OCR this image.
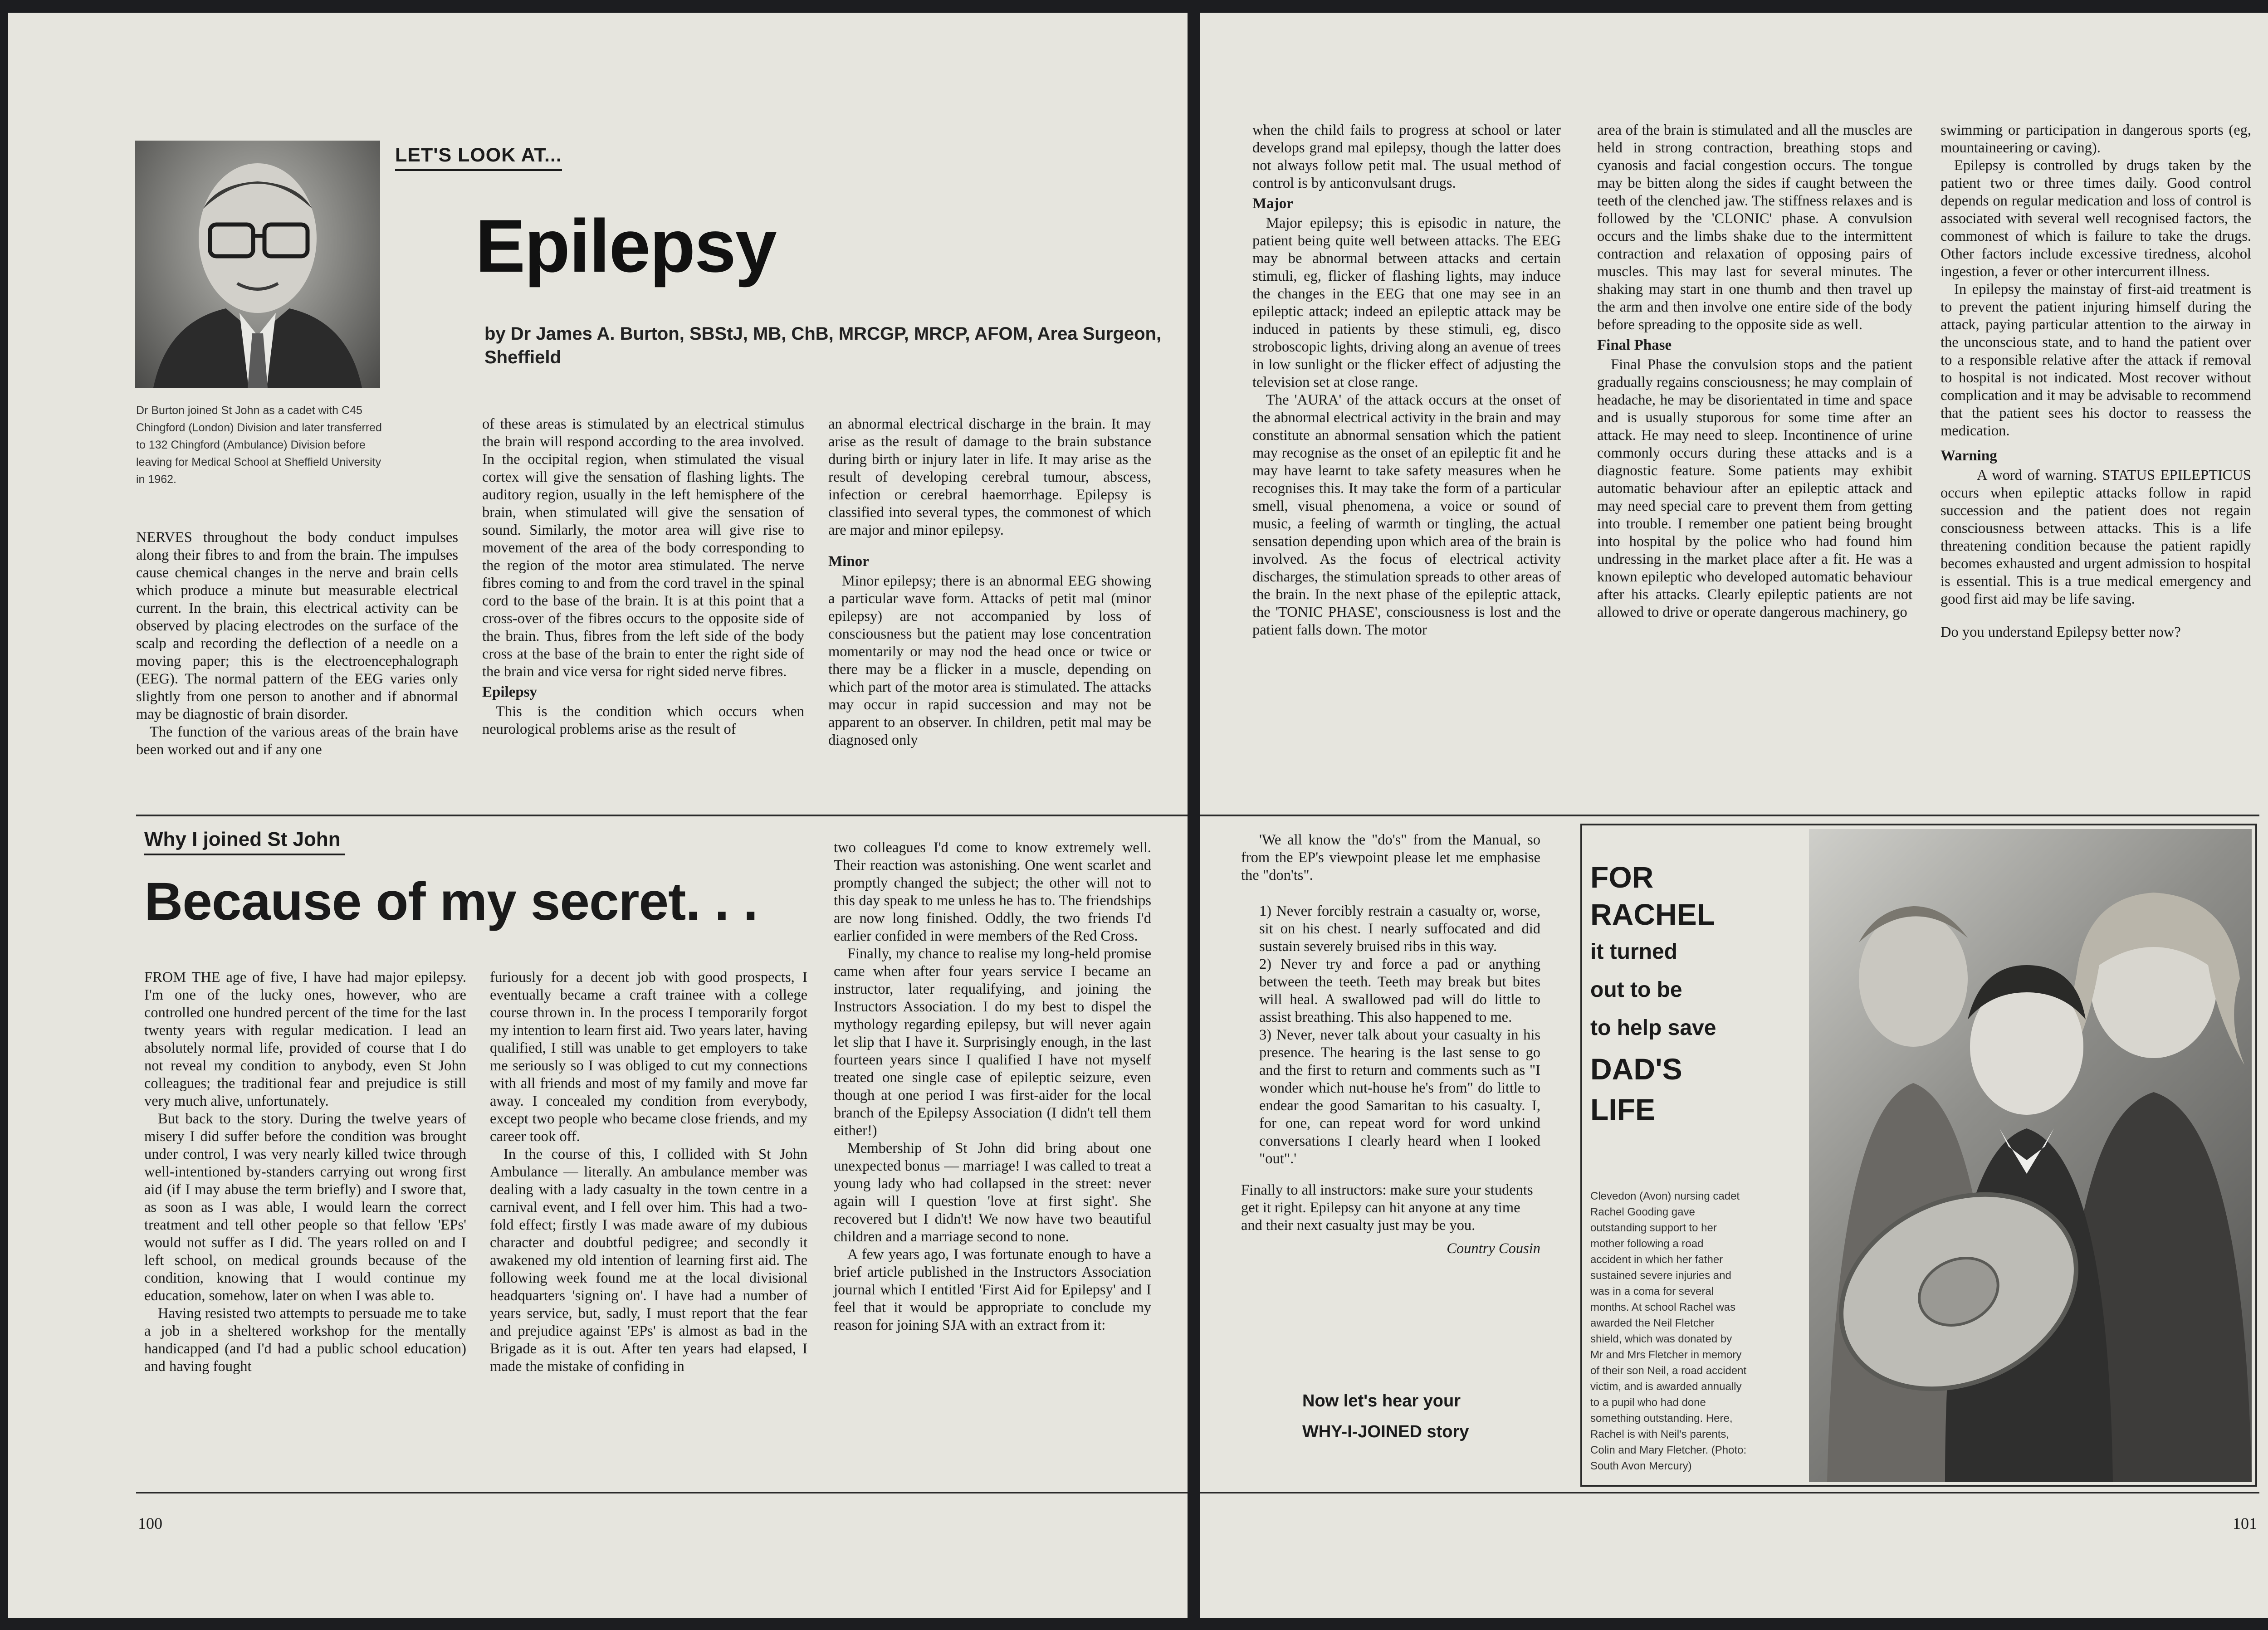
Dr Burton joined St John as a cadet with C45 Chingford (London) Division and later transferred to 132 Chingford (Ambulance) Division before leaving for Medical School at Sheffield University in 1962.
LET'S LOOK AT...
Epilepsy
by Dr James A. Burton, SBStJ, MB, ChB, MRCGP, MRCP, AFOM, Area Surgeon, Sheffield

NERVES throughout the body conduct impulses along their fibres to and from the brain. The impulses cause chemical changes in the nerve and brain cells which produce a minute but measurable electrical current. In the brain, this electrical activity can be observed by placing electrodes on the surface of the scalp and recording the deflection of a needle on a moving paper; this is the electroencephalograph (EEG). The normal pattern of the EEG varies only slightly from one person to another and if abnormal may be diagnostic of brain disorder.

The function of the various areas of the brain have been worked out and if any one

of these areas is stimulated by an electrical stimulus the brain will respond according to the area involved. In the occipital region, when stimulated the visual cortex will give the sensation of flashing lights. The auditory region, usually in the left hemisphere of the brain, when stimulated will give the sensation of sound. Similarly, the motor area will give rise to movement of the area of the body corresponding to the region of the motor area stimulated. The nerve fibres coming to and from the cord travel in the spinal cord to the base of the brain. It is at this point that a cross-over of the fibres occurs to the opposite side of the brain. Thus, fibres from the left side of the body cross at the base of the brain to enter the right side of the brain and vice versa for right sided nerve fibres.

Epilepsy

This is the condition which occurs when neurological problems arise as the result of

an abnormal electrical discharge in the brain. It may arise as the result of damage to the brain substance during birth or injury later in life. It may arise as the result of developing cerebral tumour, abscess, infection or cerebral haemorrhage. Epilepsy is classified into several types, the commonest of which are major and minor epilepsy.

Minor

Minor epilepsy; there is an abnormal EEG showing a particular wave form. Attacks of petit mal (minor epilepsy) are not accompanied by loss of consciousness but the patient may lose concentration momentarily or may nod the head once or twice or there may be a flicker in a muscle, depending on which part of the motor area is stimulated. The attacks may occur in rapid succession and may not be apparent to an observer. In children, petit mal may be diagnosed only

Why I joined St John
Because of my secret. . .

FROM THE age of five, I have had major epilepsy. I'm one of the lucky ones, however, who are controlled one hundred percent of the time for the last twenty years with regular medication. I lead an absolutely normal life, provided of course that I do not reveal my condition to anybody, even St John colleagues; the traditional fear and prejudice is still very much alive, unfortunately.

But back to the story. During the twelve years of misery I did suffer before the condition was brought under control, I was very nearly killed twice through well-intentioned by-standers carrying out wrong first aid (if I may abuse the term briefly) and I swore that, as soon as I was able, I would learn the correct treatment and tell other people so that fellow 'EPs' would not suffer as I did. The years rolled on and I left school, on medical grounds because of the condition, knowing that I would continue my education, somehow, later on when I was able to.

Having resisted two attempts to persuade me to take a job in a sheltered workshop for the mentally handicapped (and I'd had a public school education) and having fought

furiously for a decent job with good prospects, I eventually became a craft trainee with a college course thrown in. In the process I temporarily forgot my intention to learn first aid. Two years later, having qualified, I still was unable to get employers to take me seriously so I was obliged to cut my connections with all friends and most of my family and move far away. I concealed my condition from everybody, except two people who became close friends, and my career took off.

In the course of this, I collided with St John Ambulance — literally. An ambulance member was dealing with a lady casualty in the town centre in a carnival event, and I fell over him. This had a two-fold effect; firstly I was made aware of my dubious character and doubtful pedigree; and secondly it awakened my old intention of learning first aid. The following week found me at the local divisional headquarters 'signing on'. I have had a number of years service, but, sadly, I must report that the fear and prejudice against 'EPs' is almost as bad in the Brigade as it is out. After ten years had elapsed, I made the mistake of confiding in

two colleagues I'd come to know extremely well. Their reaction was astonishing. One went scarlet and promptly changed the subject; the other will not to this day speak to me unless he has to. The friendships are now long finished. Oddly, the two friends I'd earlier confided in were members of the Red Cross.

Finally, my chance to realise my long-held promise came when after four years service I became an instructor, later requalifying, and joining the Instructors Association. I do my best to dispel the mythology regarding epilepsy, but will never again let slip that I have it. Surprisingly enough, in the last fourteen years since I qualified I have not myself treated one single case of epileptic seizure, even though at one period I was first-aider for the local branch of the Epilepsy Association (I didn't tell them either!)

Membership of St John did bring about one unexpected bonus — marriage! I was called to treat a young lady who had collapsed in the street: never again will I question 'love at first sight'. She recovered but I didn't! We now have two beautiful children and a marriage second to none.

A few years ago, I was fortunate enough to have a brief article published in the Instructors Association journal which I entitled 'First Aid for Epilepsy' and I feel that it would be appropriate to conclude my reason for joining SJA with an extract from it:

100

when the child fails to progress at school or later develops grand mal epilepsy, though the latter does not always follow petit mal. The usual method of control is by anticonvulsant drugs.

Major

Major epilepsy; this is episodic in nature, the patient being quite well between attacks. The EEG may be abnormal between attacks and certain stimuli, eg, flicker of flashing lights, may induce the changes in the EEG that one may see in an epileptic attack; indeed an epileptic attack may be induced in patients by these stimuli, eg, disco stroboscopic lights, driving along an avenue of trees in low sunlight or the flicker effect of adjusting the television set at close range.

The 'AURA' of the attack occurs at the onset of the abnormal electrical activity in the brain and may constitute an abnormal sensation which the patient may recognise as the onset of an epileptic fit and he may have learnt to take safety measures when he recognises this. It may take the form of a particular smell, visual phenomena, a voice or sound of music, a feeling of warmth or tingling, the actual sensation depending upon which area of the brain is involved. As the focus of electrical activity discharges, the stimulation spreads to other areas of the brain. In the next phase of the epileptic attack, the 'TONIC PHASE', consciousness is lost and the patient falls down. The motor

area of the brain is stimulated and all the muscles are held in strong contraction, breathing stops and cyanosis and facial congestion occurs. The tongue may be bitten along the sides if caught between the teeth of the clenched jaw. The stiffness relaxes and is followed by the 'CLONIC' phase. A convulsion occurs and the limbs shake due to the intermittent contraction and relaxation of opposing pairs of muscles. This may last for several minutes. The shaking may start in one thumb and then travel up the arm and then involve one entire side of the body before spreading to the opposite side as well.

Final Phase

Final Phase the convulsion stops and the patient gradually regains consciousness; he may complain of headache, he may be disorientated in time and space and is usually stuporous for some time after an attack. He may need to sleep. Incontinence of urine commonly occurs during these attacks and is a diagnostic feature. Some patients may exhibit automatic behaviour after an epileptic attack and may need special care to prevent them from getting into trouble. I remember one patient being brought into hospital by the police who had found him undressing in the market place after a fit. He was a known epileptic who developed automatic behaviour after his attacks. Clearly epileptic patients are not allowed to drive or operate dangerous machinery, go

swimming or participation in dangerous sports (eg, mountaineering or caving).

Epilepsy is controlled by drugs taken by the patient two or three times daily. Good control depends on regular medication and loss of control is associated with several well recognised factors, the commonest of which is failure to take the drugs. Other factors include excessive tiredness, alcohol ingestion, a fever or other intercurrent illness.

In epilepsy the mainstay of first-aid treatment is to prevent the patient injuring himself during the attack, paying particular attention to the airway in the unconscious state, and to hand the patient over to a responsible relative after the attack if removal to hospital is not indicated. Most recover without complication and it may be advisable to recommend that the patient sees his doctor to reassess the medication.

Warning

A word of warning. STATUS EPILEPTICUS occurs when epileptic attacks follow in rapid succession and the patient does not regain consciousness between attacks. This is a life threatening condition because the patient rapidly becomes exhausted and urgent admission to hospital is essential. This is a true medical emergency and good first aid may be life saving.

Do you understand Epilepsy better now?

'We all know the "do's" from the Manual, so from the EP's viewpoint please let me emphasise the "don'ts".

1) Never forcibly restrain a casualty or, worse, sit on his chest. I nearly suffocated and did sustain severely bruised ribs in this way.

2) Never try and force a pad or anything between the teeth. Teeth may break but bites will heal. A swallowed pad will do little to assist breathing. This also happened to me.

3) Never, never talk about your casualty in his presence. The hearing is the last sense to go and the first to return and comments such as "I wonder which nut-house he's from" do little to endear the good Samaritan to his casualty. I, for one, can repeat word for word unkind conversations I clearly heard when I looked "out".'

Finally to all instructors: make sure your students get it right. Epilepsy can hit anyone at any time and their next casualty just may be you.

Country Cousin

Now let's hear your
WHY-I-JOINED story
FOR
RACHEL
it turned
out to be
to help save
DAD'S
LIFE
Clevedon (Avon) nursing cadet Rachel Gooding gave outstanding support to her mother following a road accident in which her father sustained severe injuries and was in a coma for several months. At school Rachel was awarded the Neil Fletcher shield, which was donated by Mr and Mrs Fletcher in memory of their son Neil, a road accident victim, and is awarded annually to a pupil who had done something outstanding. Here, Rachel is with Neil's parents, Colin and Mary Fletcher. (Photo: South Avon Mercury)
101
